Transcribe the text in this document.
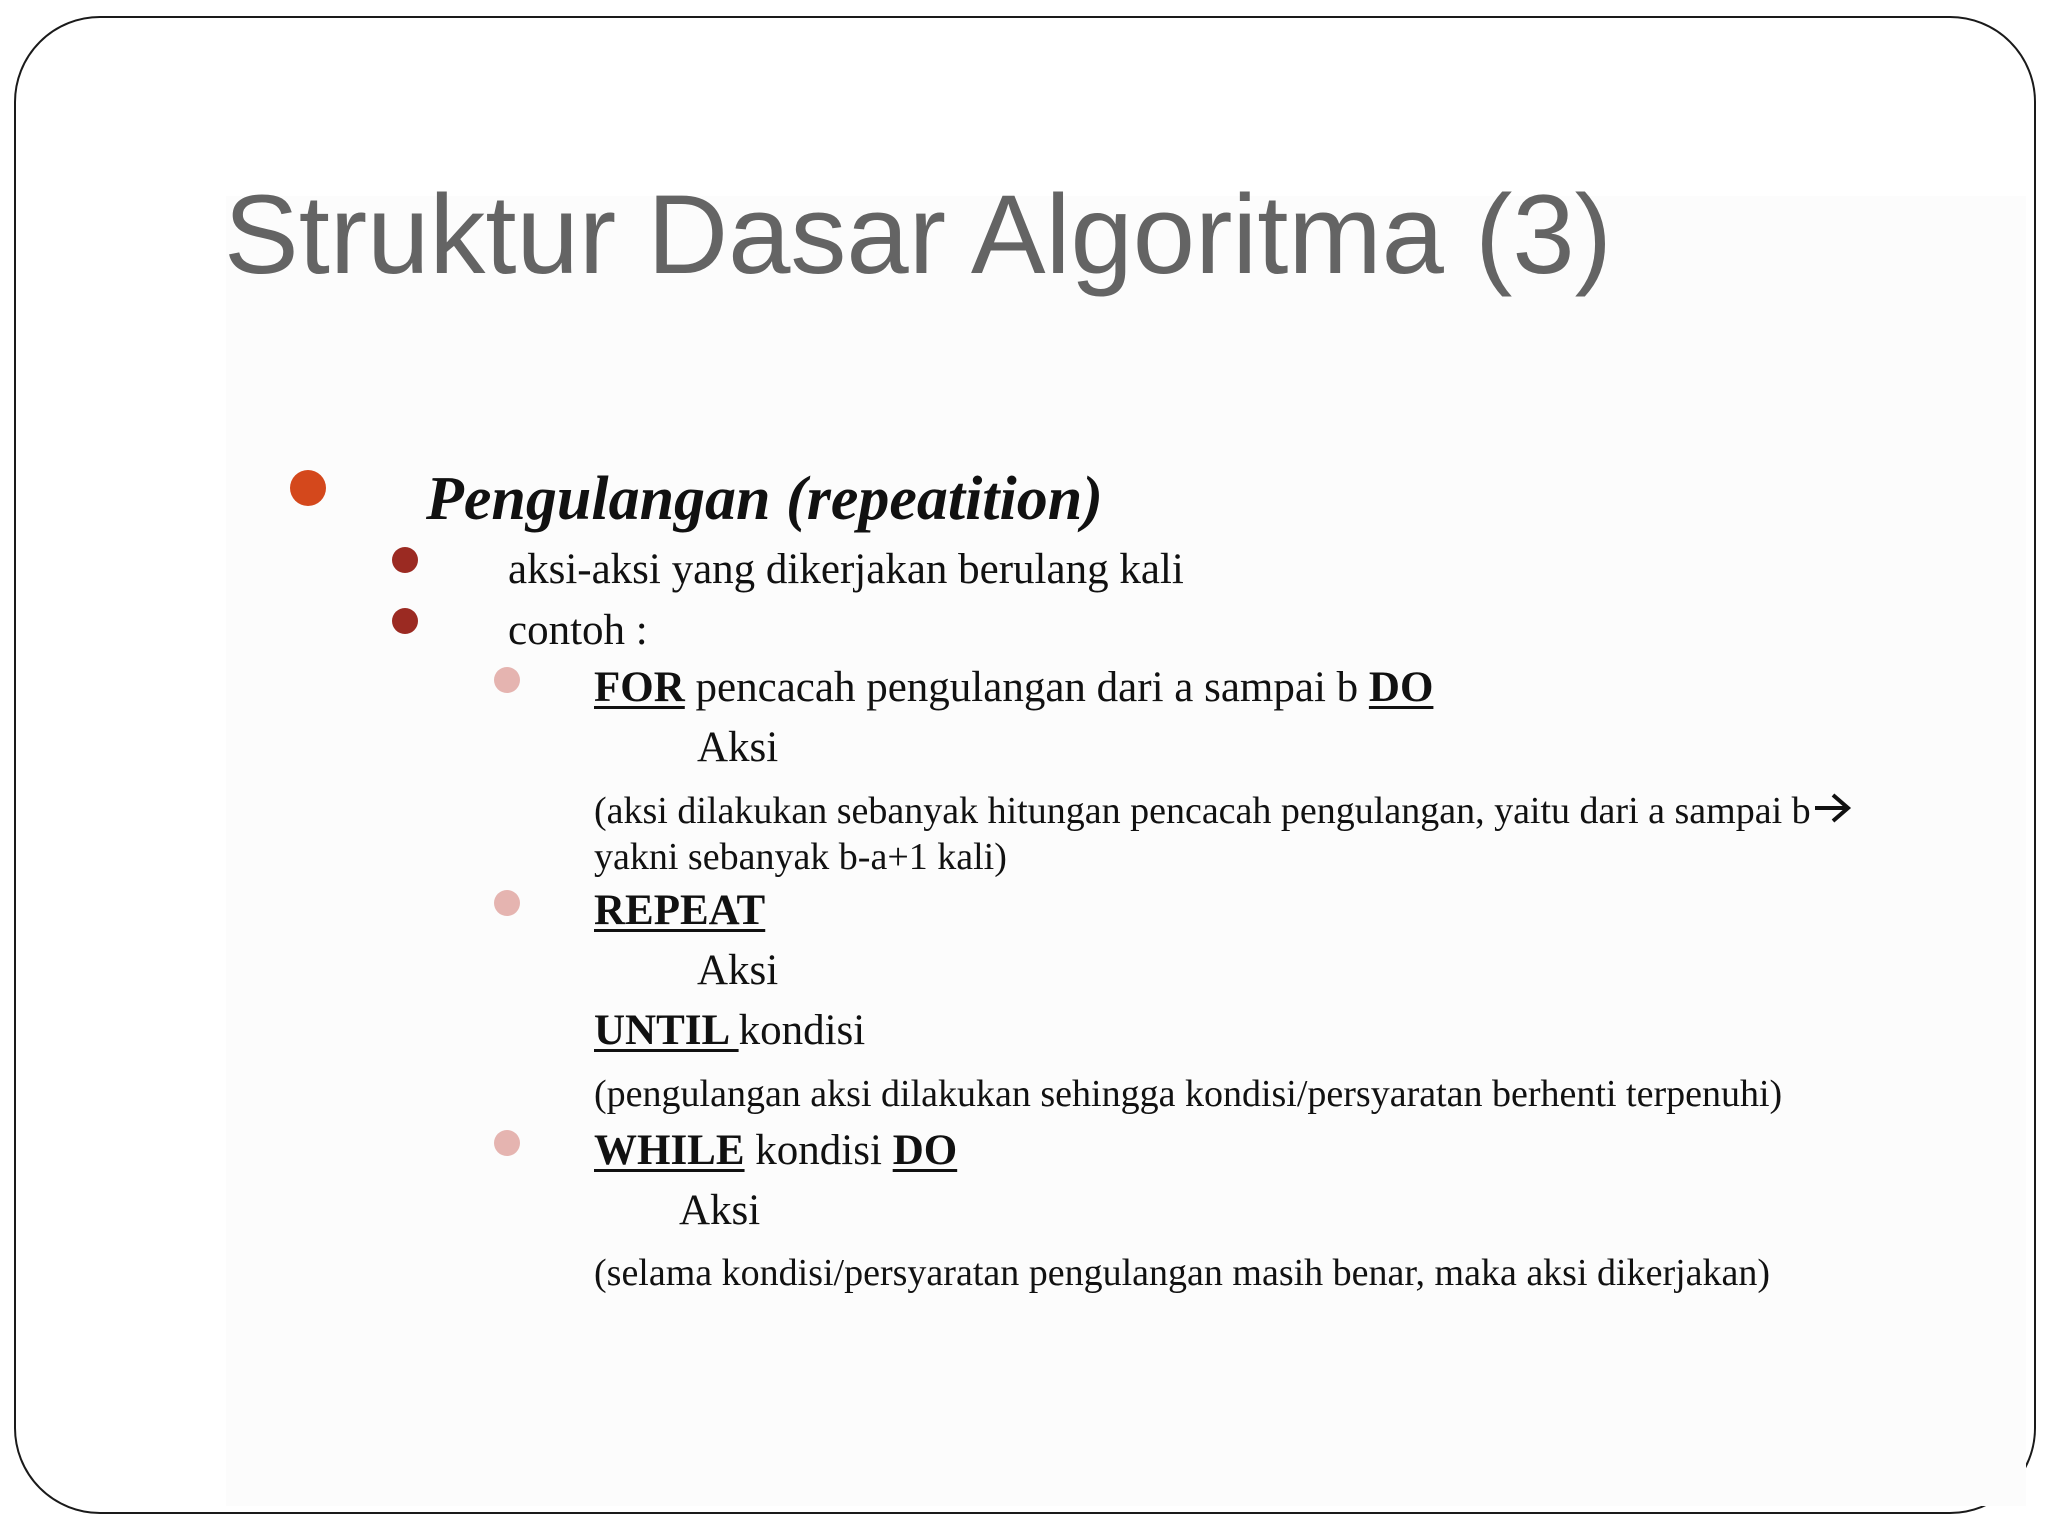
Struktur Dasar Algoritma (3)

Pengulangan (repeatition)

aksi-aksi yang dikerjakan berulang kali

contoh :

FOR pencacah pengulangan dari a sampai b DO

Aksi

(aksi dilakukan sebanyak hitungan pencacah pengulangan, yaitu dari a sampai b

yakni sebanyak b-a+1 kali)

REPEAT

Aksi

UNTIL kondisi

(pengulangan aksi dilakukan sehingga kondisi/persyaratan berhenti terpenuhi)

WHILE kondisi DO

Aksi

(selama kondisi/persyaratan pengulangan masih benar, maka aksi dikerjakan)
